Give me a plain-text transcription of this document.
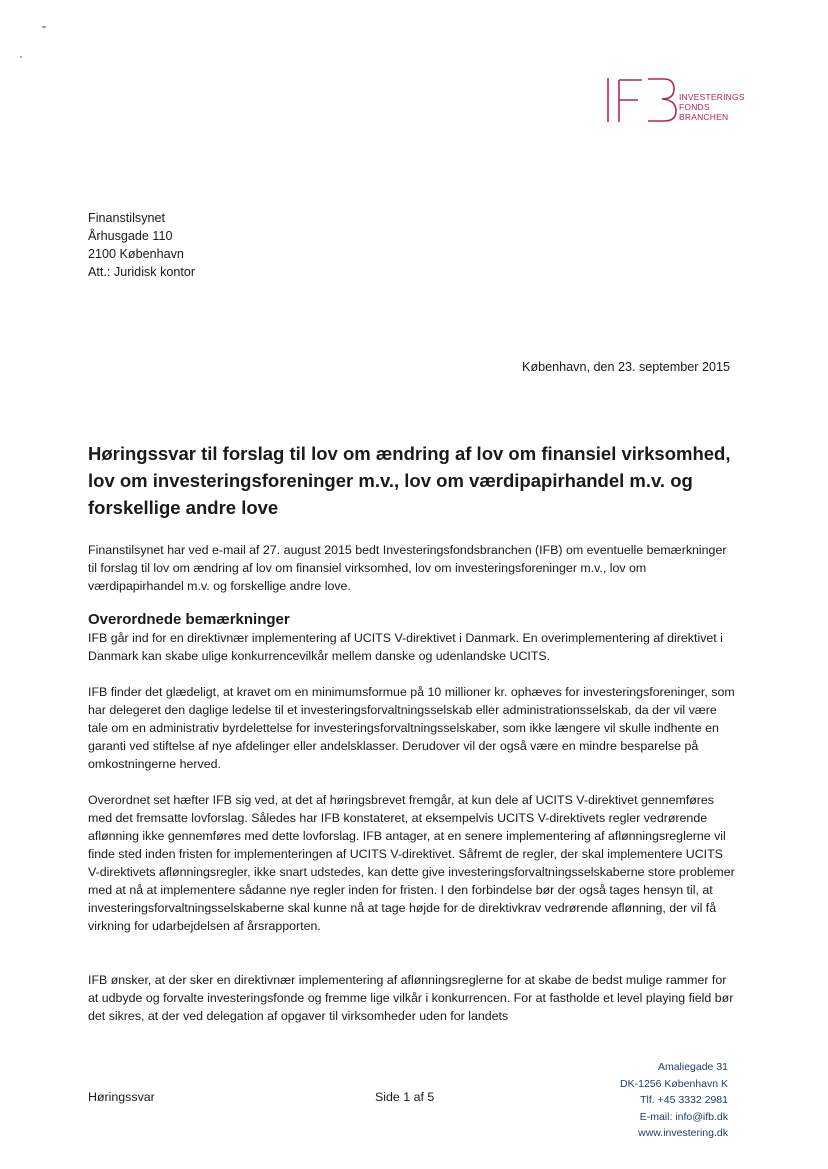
INVESTERINGS
FONDS
BRANCHEN
Finanstilsynet
Århusgade 110
2100 København
Att.: Juridisk kontor
København, den 23. september 2015
Høringssvar til forslag til lov om ændring af lov om finansiel virksomhed, lov om investeringsforeninger m.v., lov om værdipapirhandel m.v. og forskellige andre love

Finanstilsynet har ved e-mail af 27. august 2015 bedt Investeringsfondsbranchen (IFB) om eventuelle bemærkninger til forslag til lov om ændring af lov om finansiel virksomhed, lov om investeringsforeninger m.v., lov om værdipapirhandel m.v. og forskellige andre love.

Overordnede bemærkninger

IFB går ind for en direktivnær implementering af UCITS V-direktivet i Danmark. En overimplementering af direktivet i Danmark kan skabe ulige konkurrencevilkår mellem danske og udenlandske UCITS.

IFB finder det glædeligt, at kravet om en minimumsformue på 10 millioner kr. ophæves for investeringsforeninger, som har delegeret den daglige ledelse til et investeringsforvaltningsselskab eller administrationsselskab, da der vil være tale om en administrativ byrdelettelse for investeringsforvaltningsselskaber, som ikke længere vil skulle indhente en garanti ved stiftelse af nye afdelinger eller andelsklasser. Derudover vil der også være en mindre besparelse på omkostningerne herved.

Overordnet set hæfter IFB sig ved, at det af høringsbrevet fremgår, at kun dele af UCITS V-direktivet gennemføres med det fremsatte lovforslag. Således har IFB konstateret, at eksempelvis UCITS V-direktivets regler vedrørende aflønning ikke gennemføres med dette lovforslag. IFB antager, at en senere implementering af aflønningsreglerne vil finde sted inden fristen for implementeringen af UCITS V-direktivet. Såfremt de regler, der skal implementere UCITS V-direktivets aflønningsregler, ikke snart udstedes, kan dette give investeringsforvaltningsselskaberne store problemer med at nå at implementere sådanne nye regler inden for fristen. I den forbindelse bør der også tages hensyn til, at investeringsforvaltningsselskaberne skal kunne nå at tage højde for de direktivkrav vedrørende aflønning, der vil få virkning for udarbejdelsen af årsrapporten.

IFB ønsker, at der sker en direktivnær implementering af aflønningsreglerne for at skabe de bedst mulige rammer for at udbyde og forvalte investeringsfonde og fremme lige vilkår i konkurrencen. For at fastholde et level playing field bør det sikres, at der ved delegation af opgaver til virksomheder uden for landets

Høringssvar	Side 1 af 5
Amaliegade 31
DK-1256 København K
Tlf. +45 3332 2981
E-mail: info@ifb.dk
www.investering.dk
